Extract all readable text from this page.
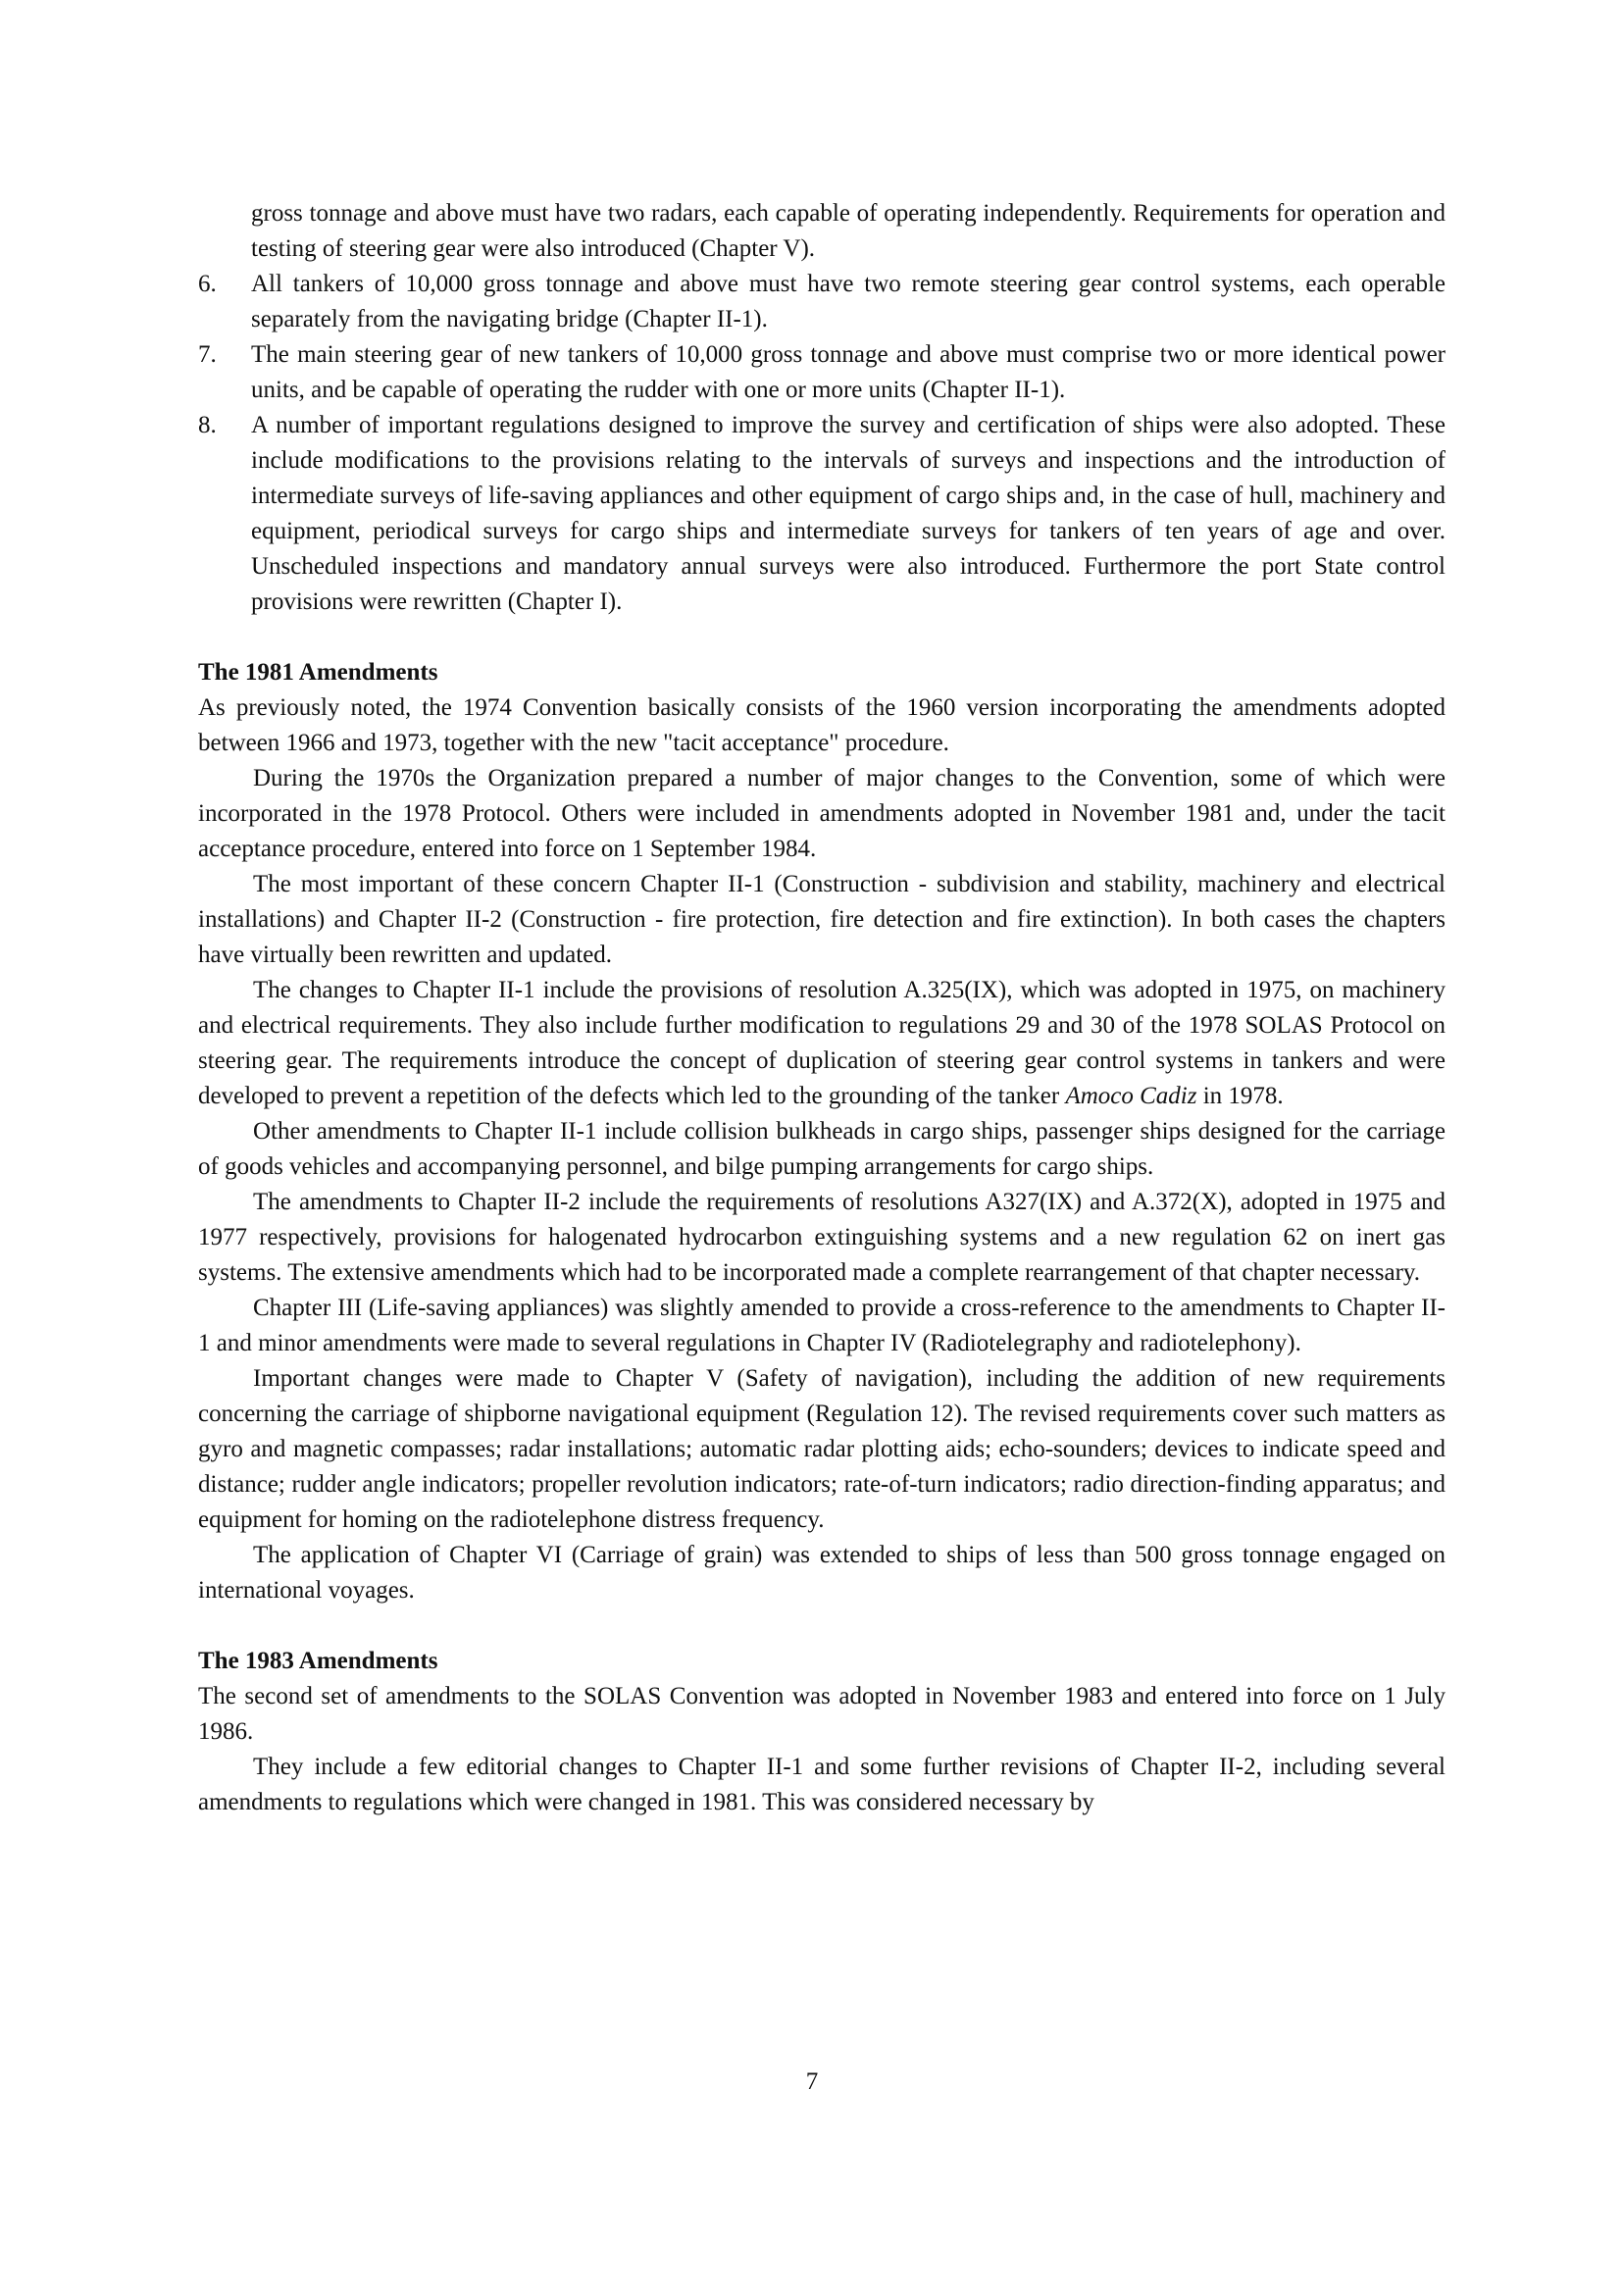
gross tonnage and above must have two radars, each capable of operating independently. Requirements for operation and testing of steering gear were also introduced (Chapter V).

6.	All tankers of 10,000 gross tonnage and above must have two remote steering gear control systems, each operable separately from the navigating bridge (Chapter II-1).
7.	The main steering gear of new tankers of 10,000 gross tonnage and above must comprise two or more identical power units, and be capable of operating the rudder with one or more units (Chapter II-1).
8.	A number of important regulations designed to improve the survey and certification of ships were also adopted. These include modifications to the provisions relating to the intervals of surveys and inspections and the introduction of intermediate surveys of life-saving appliances and other equipment of cargo ships and, in the case of hull, machinery and equipment, periodical surveys for cargo ships and intermediate surveys for tankers of ten years of age and over. Unscheduled inspections and mandatory annual surveys were also introduced. Furthermore the port State control provisions were rewritten (Chapter I).
The 1981 Amendments

As previously noted, the 1974 Convention basically consists of the 1960 version incorporating the amendments adopted between 1966 and 1973, together with the new "tacit acceptance" procedure.

During the 1970s the Organization prepared a number of major changes to the Convention, some of which were incorporated in the 1978 Protocol. Others were included in amendments adopted in November 1981 and, under the tacit acceptance procedure, entered into force on 1 September 1984.

The most important of these concern Chapter II-1 (Construction - subdivision and stability, machinery and electrical installations) and Chapter II-2 (Construction - fire protection, fire detection and fire extinction). In both cases the chapters have virtually been rewritten and updated.

The changes to Chapter II-1 include the provisions of resolution A.325(IX), which was adopted in 1975, on machinery and electrical requirements. They also include further modification to regulations 29 and 30 of the 1978 SOLAS Protocol on steering gear. The requirements introduce the concept of duplication of steering gear control systems in tankers and were developed to prevent a repetition of the defects which led to the grounding of the tanker Amoco Cadiz in 1978.

Other amendments to Chapter II-1 include collision bulkheads in cargo ships, passenger ships designed for the carriage of goods vehicles and accompanying personnel, and bilge pumping arrangements for cargo ships.

The amendments to Chapter II-2 include the requirements of resolutions A327(IX) and A.372(X), adopted in 1975 and 1977 respectively, provisions for halogenated hydrocarbon extinguishing systems and a new regulation 62 on inert gas systems. The extensive amendments which had to be incorporated made a complete rearrangement of that chapter necessary.

Chapter III (Life-saving appliances) was slightly amended to provide a cross-reference to the amendments to Chapter II-1 and minor amendments were made to several regulations in Chapter IV (Radiotelegraphy and radiotelephony).

Important changes were made to Chapter V (Safety of navigation), including the addition of new requirements concerning the carriage of shipborne navigational equipment (Regulation 12). The revised requirements cover such matters as gyro and magnetic compasses; radar installations; automatic radar plotting aids; echo-sounders; devices to indicate speed and distance; rudder angle indicators; propeller revolution indicators; rate-of-turn indicators; radio direction-finding apparatus; and equipment for homing on the radiotelephone distress frequency.

The application of Chapter VI (Carriage of grain) was extended to ships of less than 500 gross tonnage engaged on international voyages.

The 1983 Amendments

The second set of amendments to the SOLAS Convention was adopted in November 1983 and entered into force on 1 July 1986.

They include a few editorial changes to Chapter II-1 and some further revisions of Chapter II-2, including several amendments to regulations which were changed in 1981. This was considered necessary by

7
